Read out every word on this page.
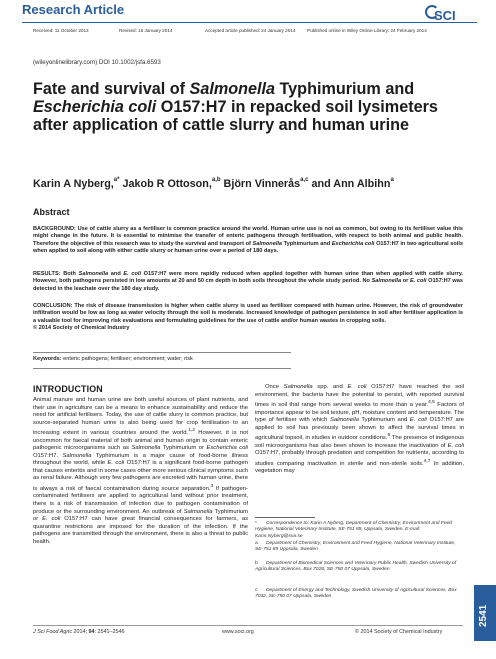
Research Article	SCI
Received: 11 October 2013	Revised: 15 January 2014	Accepted article published: 24 January 2014	Published online in Wiley Online Library: 24 February 2014
(wileyonlinelibrary.com) DOI 10.1002/jsfa.6593
Fate and survival of Salmonella Typhimurium and Escherichia coli O157:H7 in repacked soil lysimeters after application of cattle slurry and human urine
Karin A Nyberg,$^{a*}$ Jakob R Ottoson,$^{a,b}$ Björn Vinnerås$^{a,c}$ and Ann Albihn$^a$
Abstract
BACKGROUND: Use of cattle slurry as a fertiliser is common practice around the world. Human urine use is not as common, but owing to its fertiliser value this might change in the future. It is essential to minimise the transfer of enteric pathogens through fertilisation, with respect to both animal and public health. Therefore the objective of this research was to study the survival and transport of Salmonella Typhimurium and Escherichia coli O157:H7 in two agricultural soils when applied to soil along with either cattle slurry or human urine over a period of 180 days.
RESULTS: Both Salmonella and E. coli O157:H7 were more rapidly reduced when applied together with human urine than when applied with cattle slurry. However, both pathogens persisted in low amounts at 20 and 50 cm depth in both soils throughout the whole study period. No Salmonella or E. coli O157:H7 was detected in the leachate over the 180 day study.
CONCLUSION: The risk of disease transmission is higher when cattle slurry is used as fertiliser compared with human urine. However, the risk of groundwater infiltration would be low as long as water velocity through the soil is moderate. Increased knowledge of pathogen persistence in soil after fertiliser application is a valuable tool for improving risk evaluations and formulating guidelines for the use of cattle and/or human wastes in cropping soils.
© 2014 Society of Chemical Industry
Keywords: enteric pathogens; fertiliser; environment; water; risk
INTRODUCTION
Animal manure and human urine are both useful sources of plant nutrients, and their use in agriculture can be a means to enhance sustainability and reduce the need for artificial fertilisers. Today, the use of cattle slurry is common practice, but source-separated human urine is also being used for crop fertilisation to an increasing extent in various countries around the world.$^{1,2}$ However, it is not uncommon for faecal material of both animal and human origin to contain enteric pathogenic microorganisms such as Salmonella Typhimurium or Escherichia coli O157:H7. Salmonella Typhimurium is a major cause of food-borne illness throughout the world, while E. coli O157:H7 is a significant food-borne pathogen that causes enteritis and in some cases other more serious clinical symptoms such as renal failure. Although very few pathogens are excreted with human urine, there is always a risk of faecal contamination during source separation.$^3$ If pathogen-contaminated fertilisers are applied to agricultural land without prior treatment, there is a risk of transmission of infection due to pathogen contamination of produce or the surrounding environment. An outbreak of Salmonella Typhimurium or E. coli O157:H7 can have great financial consequences for farmers, as quarantine restrictions are imposed for the duration of the infection. If the pathogens are transmitted through the environment, there is also a threat to public health.
Once Salmonella spp. and E. coli O157:H7 have reached the soil environment, the bacteria have the potential to persist, with reported survival times in soil that range from several weeks to more than a year.$^{4,5}$ Factors of importance appear to be soil texture, pH, moisture content and temperature. The type of fertiliser with which Salmonella Typhimurium and E. coli O157:H7 are applied to soil has previously been shown to affect the survival times in agricultural topsoil, in studies in outdoor conditions.$^6$ The presence of indigenous soil microorganisms has also been shown to increase the inactivation of E. coli O157:H7, probably through predation and competition for nutrients, according to studies comparing inactivation in sterile and non-sterile soils.$^{4,7}$ In addition, vegetation may
* Correspondence to: Karin A Nyberg, Department of Chemistry, Environment and Feed Hygiene, National Veterinary Institute, SE-751 89, Uppsala, Sweden. E-mail: Karin.Nyberg@sva.se
a Department of Chemistry, Environment and Feed Hygiene, National Veterinary Institute, SE-751 89 Uppsala, Sweden
b Department of Biomedical Sciences and Veterinary Public Health, Swedish University of Agricultural Sciences, Box 7028, SE-750 07 Uppsala, Sweden
c Department of Energy and Technology, Swedish University of Agricultural Sciences, Box 7032, SE-750 07 Uppsala, Sweden
2541
J Sci Food Agric 2014; 94: 2541–2546	www.soci.org	© 2014 Society of Chemical Industry
